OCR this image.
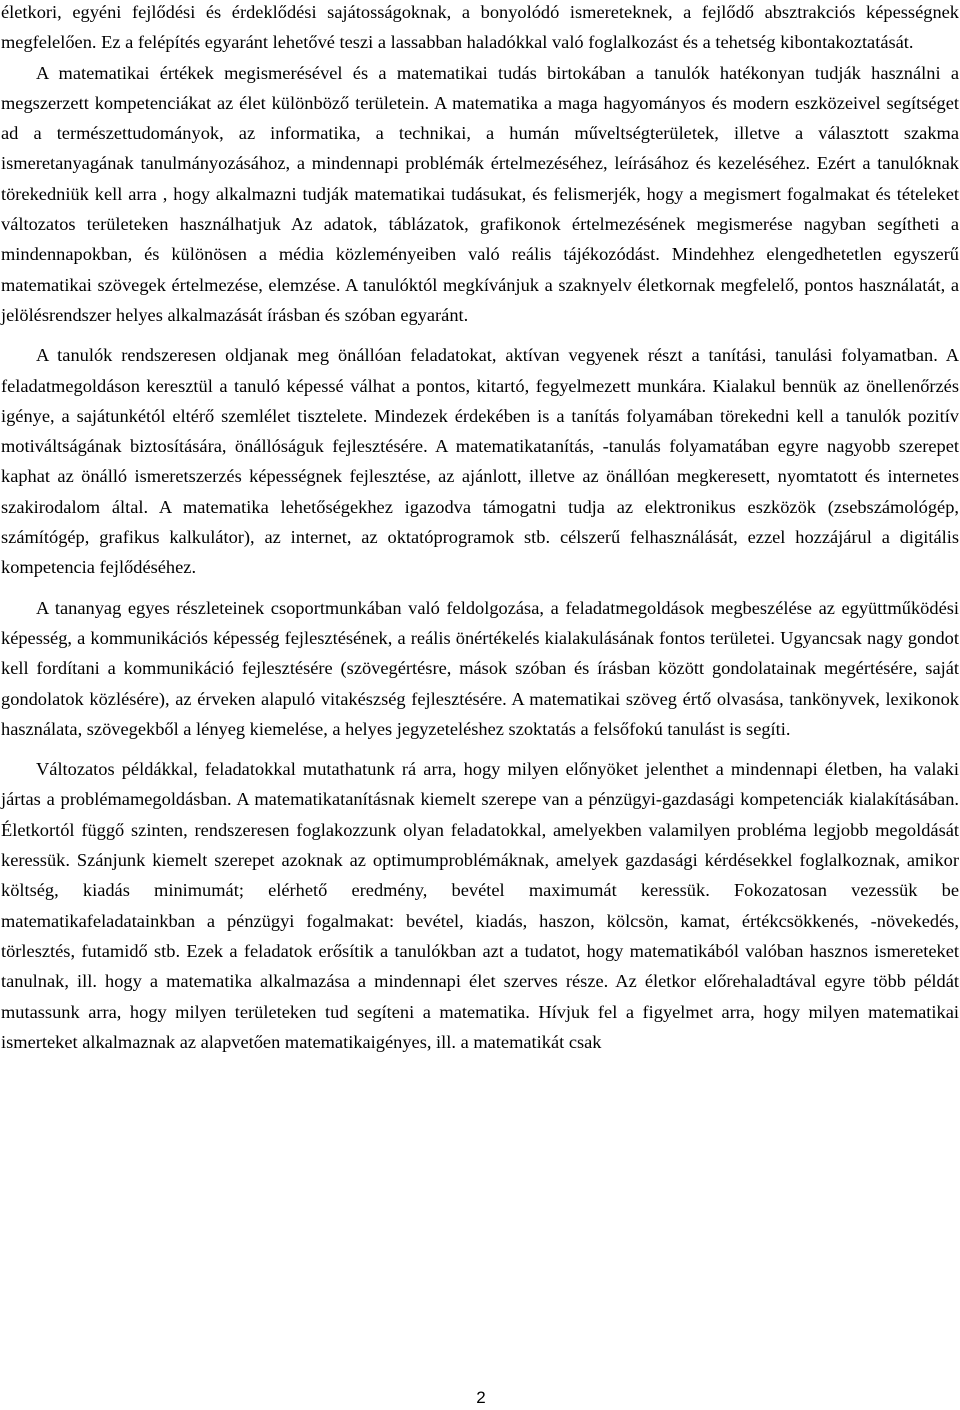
életkori, egyéni fejlődési és érdeklődési sajátosságoknak, a bonyolódó ismereteknek, a fejlődő absztrakciós képességnek megfelelően. Ez a felépítés egyaránt lehetővé teszi a lassabban haladókkal való foglalkozást és a tehetség kibontakoztatását.

A matematikai értékek megismerésével és a matematikai tudás birtokában a tanulók hatékonyan tudják használni a megszerzett kompetenciákat az élet különböző területein. A matematika a maga hagyományos és modern eszközeivel segítséget ad a természettudományok, az informatika, a technikai, a humán műveltségterületek, illetve a választott szakma ismeretanyagának tanulmányozásához, a mindennapi problémák értelmezéséhez, leírásához és kezeléséhez. Ezért a tanulóknak törekedniük kell arra , hogy alkalmazni tudják matematikai tudásukat, és felismerjék, hogy a megismert fogalmakat és tételeket változatos területeken használhatjuk Az adatok, táblázatok, grafikonok értelmezésének megismerése nagyban segítheti a mindennapokban, és különösen a média közleményeiben való reális tájékozódást. Mindehhez elengedhetetlen egyszerű matematikai szövegek értelmezése, elemzése. A tanulóktól megkívánjuk a szaknyelv életkornak megfelelő, pontos használatát, a jelölésrendszer helyes alkalmazását írásban és szóban egyaránt.

A tanulók rendszeresen oldjanak meg önállóan feladatokat, aktívan vegyenek részt a tanítási, tanulási folyamatban. A feladatmegoldáson keresztül a tanuló képessé válhat a pontos, kitartó, fegyelmezett munkára. Kialakul bennük az önellenőrzés igénye, a sajátunkétól eltérő szemlélet tisztelete. Mindezek érdekében is a tanítás folyamában törekedni kell a tanulók pozitív motiváltságának biztosítására, önállóságuk fejlesztésére. A matematikatanítás, -tanulás folyamatában egyre nagyobb szerepet kaphat az önálló ismeretszerzés képességnek fejlesztése, az ajánlott, illetve az önállóan megkeresett, nyomtatott és internetes szakirodalom által. A matematika lehetőségekhez igazodva támogatni tudja az elektronikus eszközök (zsebszámológép, számítógép, grafikus kalkulátor), az internet, az oktatóprogramok stb. célszerű felhasználását, ezzel hozzájárul a digitális kompetencia fejlődéséhez.

A tananyag egyes részleteinek csoportmunkában való feldolgozása, a feladatmegoldások megbeszélése az együttműködési képesség, a kommunikációs képesség fejlesztésének, a reális önértékelés kialakulásának fontos területei. Ugyancsak nagy gondot kell fordítani a kommunikáció fejlesztésére (szövegértésre, mások szóban és írásban között gondolatainak megértésére, saját gondolatok közlésére), az érveken alapuló vitakészség fejlesztésére. A matematikai szöveg értő olvasása, tankönyvek, lexikonok használata, szövegekből a lényeg kiemelése, a helyes jegyzeteléshez szoktatás a felsőfokú tanulást is segíti.

Változatos példákkal, feladatokkal mutathatunk rá arra, hogy milyen előnyöket jelenthet a mindennapi életben, ha valaki jártas a problémamegoldásban. A matematikatanításnak kiemelt szerepe van a pénzügyi-gazdasági kompetenciák kialakításában. Életkortól függő szinten, rendszeresen foglakozzunk olyan feladatokkal, amelyekben valamilyen probléma legjobb megoldását keressük. Szánjunk kiemelt szerepet azoknak az optimumproblémáknak, amelyek gazdasági kérdésekkel foglalkoznak, amikor költség, kiadás minimumát; elérhető eredmény, bevétel maximumát keressük. Fokozatosan vezessük be matematikafeladatainkban a pénzügyi fogalmakat: bevétel, kiadás, haszon, kölcsön, kamat, értékcsökkenés, -növekedés, törlesztés, futamidő stb. Ezek a feladatok erősítik a tanulókban azt a tudatot, hogy matematikából valóban hasznos ismereteket tanulnak, ill. hogy a matematika alkalmazása a mindennapi élet szerves része. Az életkor előrehaladtával egyre több példát mutassunk arra, hogy milyen területeken tud segíteni a matematika. Hívjuk fel a figyelmet arra, hogy milyen matematikai ismerteket alkalmaznak az alapvetően matematikaigényes, ill. a matematikát csak

2
